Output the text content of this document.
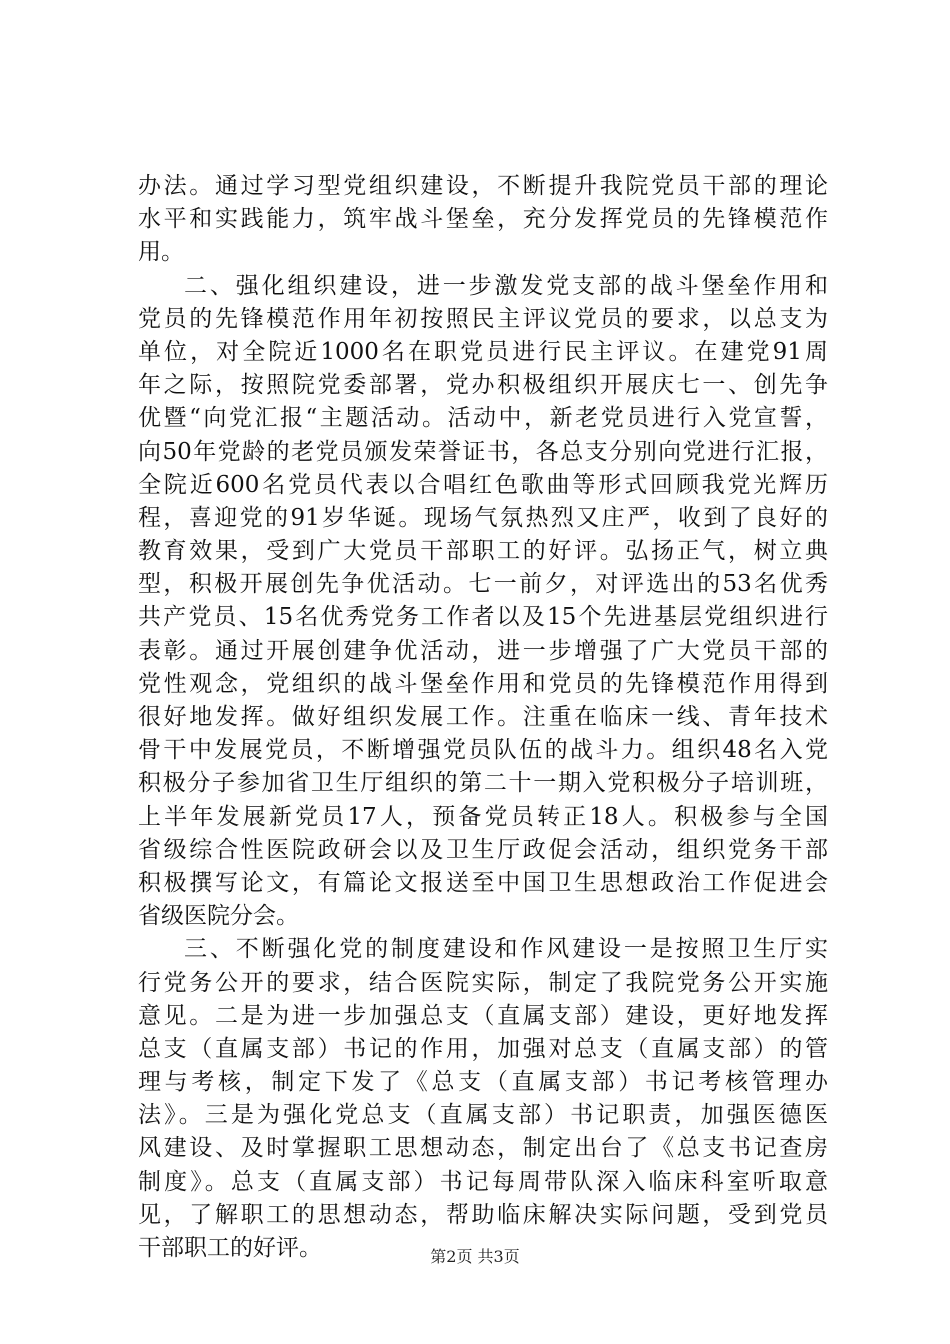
办法。通过学习型党组织建设，不断提升我院党员干部的理论
水平和实践能力，筑牢战斗堡垒，充分发挥党员的先锋模范作
用。
二、强化组织建设，进一步激发党支部的战斗堡垒作用和
党员的先锋模范作用年初按照民主评议党员的要求，以总支为
单位，对全院近1000名在职党员进行民主评议。在建党91周
年之际，按照院党委部署，党办积极组织开展庆七一、创先争
优暨“向党汇报“主题活动。活动中，新老党员进行入党宣誓，
向50年党龄的老党员颁发荣誉证书，各总支分别向党进行汇报，
全院近600名党员代表以合唱红色歌曲等形式回顾我党光辉历
程，喜迎党的91岁华诞。现场气氛热烈又庄严，收到了良好的
教育效果，受到广大党员干部职工的好评。弘扬正气，树立典
型，积极开展创先争优活动。七一前夕，对评选出的53名优秀
共产党员、15名优秀党务工作者以及15个先进基层党组织进行
表彰。通过开展创建争优活动，进一步增强了广大党员干部的
党性观念，党组织的战斗堡垒作用和党员的先锋模范作用得到
很好地发挥。做好组织发展工作。注重在临床一线、青年技术
骨干中发展党员，不断增强党员队伍的战斗力。组织48名入党
积极分子参加省卫生厅组织的第二十一期入党积极分子培训班，
上半年发展新党员17人，预备党员转正18人。积极参与全国
省级综合性医院政研会以及卫生厅政促会活动，组织党务干部
积极撰写论文，有篇论文报送至中国卫生思想政治工作促进会
省级医院分会。
三、不断强化党的制度建设和作风建设一是按照卫生厅实
行党务公开的要求，结合医院实际，制定了我院党务公开实施
意见。二是为进一步加强总支（直属支部）建设，更好地发挥
总支（直属支部）书记的作用，加强对总支（直属支部）的管
理与考核，制定下发了《总支（直属支部）书记考核管理办
法》。三是为强化党总支（直属支部）书记职责，加强医德医
风建设、及时掌握职工思想动态，制定出台了《总支书记查房
制度》。总支（直属支部）书记每周带队深入临床科室听取意
见，了解职工的思想动态，帮助临床解决实际问题，受到党员
干部职工的好评。	第2页 共3页
